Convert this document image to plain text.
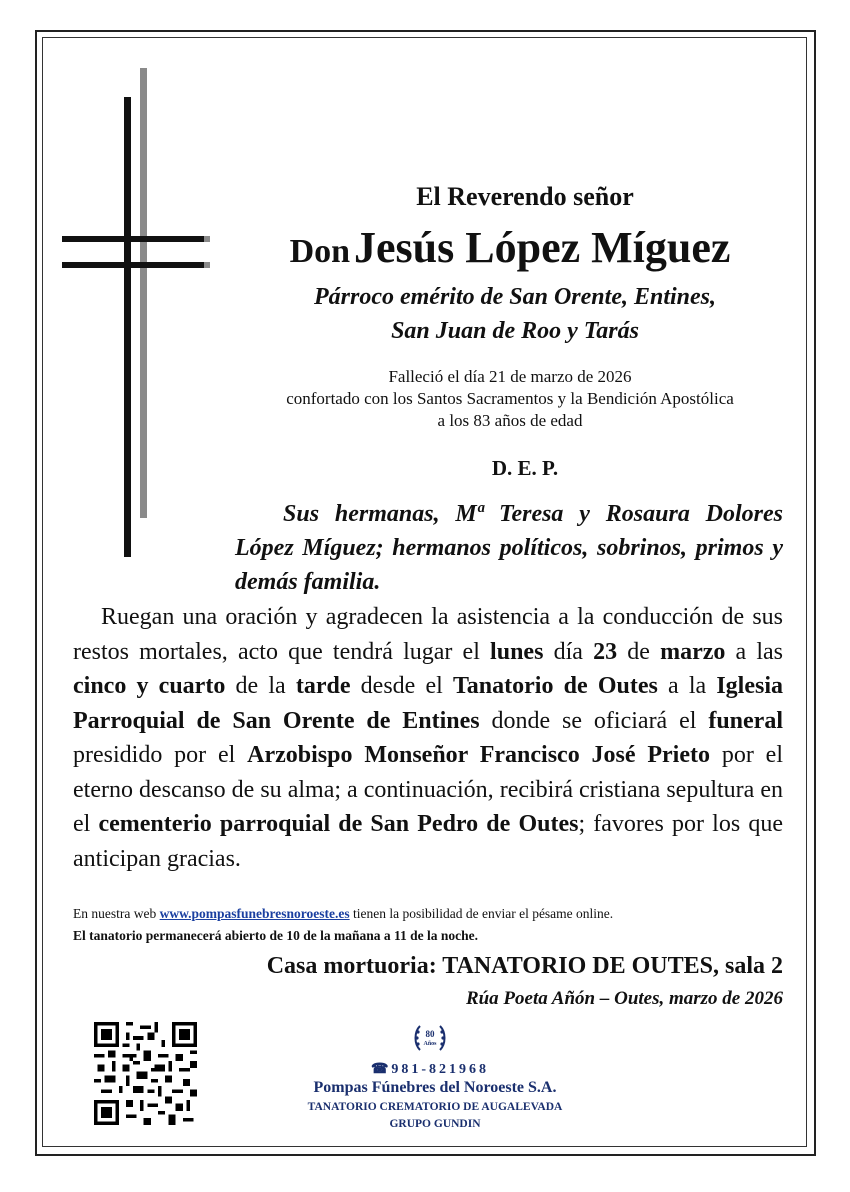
El Reverendo señor
Don Jesús López Míguez
Párroco emérito de San Orente, Entines,
San Juan de Roo y Tarás
Falleció el día 21 de marzo de 2026
confortado con los Santos Sacramentos y la Bendición Apostólica
a los 83 años de edad
D. E. P.
Sus hermanas, Mª Teresa y Rosaura Dolores López Míguez; hermanos políticos, sobrinos, primos y demás familia.
Ruegan una oración y agradecen la asistencia a la conducción de sus restos mortales, acto que tendrá lugar el lunes día 23 de marzo a las cinco y cuarto de la tarde desde el Tanatorio de Outes a la Iglesia Parroquial de San Orente de Entines donde se oficiará el funeral presidido por el Arzobispo Monseñor Francisco José Prieto por el eterno descanso de su alma; a continuación, recibirá cristiana sepultura en el cementerio parroquial de San Pedro de Outes; favores por los que anticipan gracias.
En nuestra web www.pompasfunebresnoroeste.es tienen la posibilidad de enviar el pésame online.
El tanatorio permanecerá abierto de 10 de la mañana a 11 de la noche.
Casa mortuoria: TANATORIO DE OUTES, sala 2
Rúa Poeta Añón – Outes, marzo de 2026
80
Años
☎981-821968
Pompas Fúnebres del Noroeste S.A.
TANATORIO CREMATORIO DE AUGALEVADA
GRUPO GUNDIN
